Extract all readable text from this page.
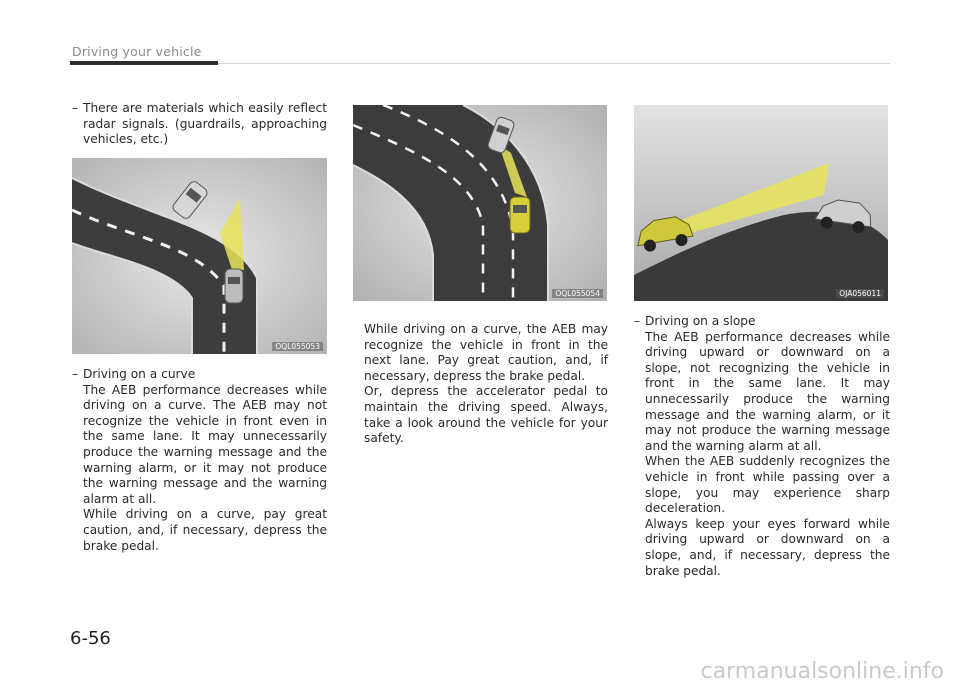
Driving your vehicle

– There are materials which easily reflect radar signals. (guardrails, approaching vehicles, etc.)

OQL055053

– Driving on a curve

The AEB performance decreases while driving on a curve. The AEB may not recognize the vehicle in front even in the same lane. It may unnecessarily produce the warning message and the warning alarm, or it may not produce the warning message and the warning alarm at all.

While driving on a curve, pay great caution, and, if necessary, depress the brake pedal.

OQL055054

While driving on a curve, the AEB may recognize the vehicle in front in the next lane. Pay great caution, and, if necessary, depress the brake pedal.

Or, depress the accelerator pedal to maintain the driving speed. Always, take a look around the vehicle for your safety.

OJA056011

– Driving on a slope

The AEB performance decreases while driving upward or downward on a slope, not recognizing the vehicle in front in the same lane. It may unnecessarily produce the warning message and the warning alarm, or it may not produce the warning message and the warning alarm at all.

When the AEB suddenly recognizes the vehicle in front while passing over a slope, you may experience sharp deceleration.

Always keep your eyes forward while driving upward or downward on a slope, and, if necessary, depress the brake pedal.

6-56
carmanualsonline.info
